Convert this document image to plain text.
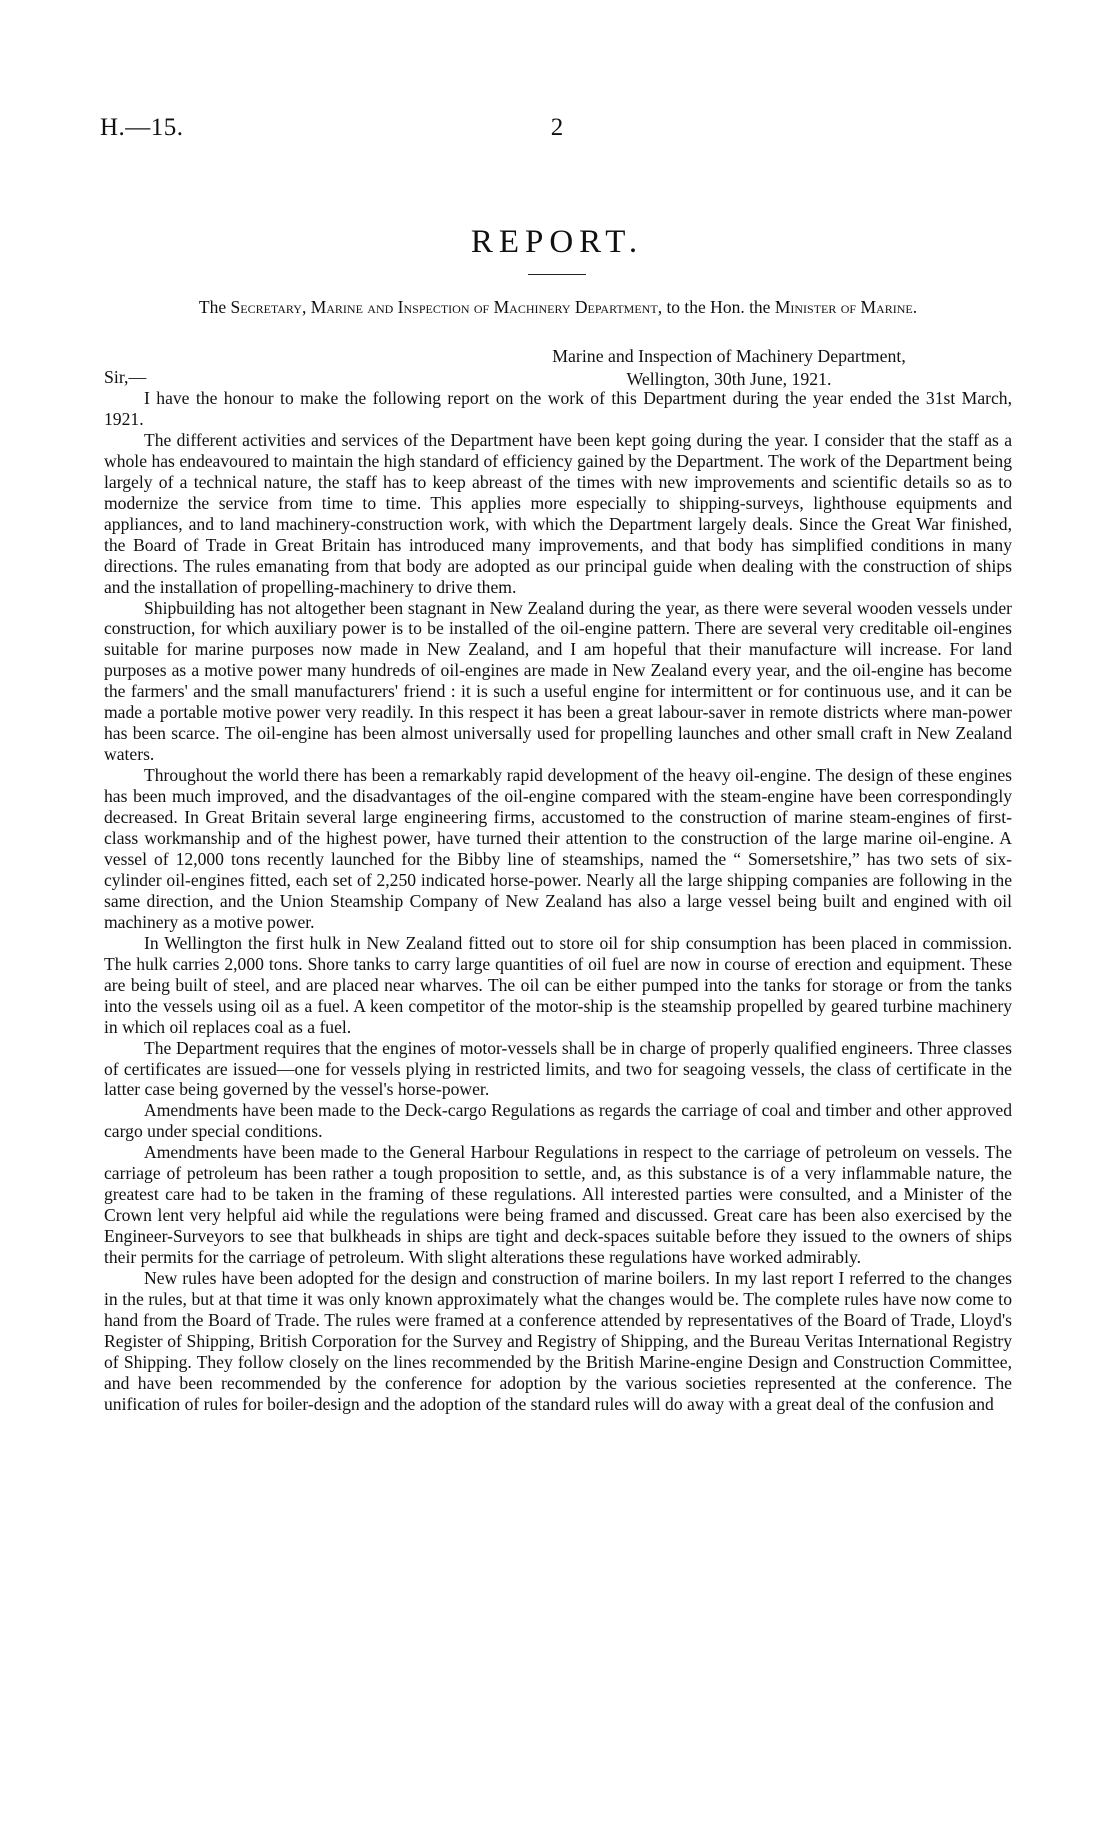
H.—15.	2
REPORT.
The Secretary, Marine and Inspection of Machinery Department, to the Hon. the Minister of Marine.
Marine and Inspection of Machinery Department,
Wellington, 30th June, 1921.
Sir,—

I have the honour to make the following report on the work of this Department during the year ended the 31st March, 1921.

The different activities and services of the Department have been kept going during the year. I consider that the staff as a whole has endeavoured to maintain the high standard of efficiency gained by the Department. The work of the Department being largely of a technical nature, the staff has to keep abreast of the times with new improvements and scientific details so as to modernize the service from time to time. This applies more especially to shipping-surveys, lighthouse equipments and appliances, and to land machinery-construction work, with which the Department largely deals. Since the Great War finished, the Board of Trade in Great Britain has introduced many improvements, and that body has simplified conditions in many directions. The rules emanating from that body are adopted as our principal guide when dealing with the construction of ships and the installation of propelling-machinery to drive them.

Shipbuilding has not altogether been stagnant in New Zealand during the year, as there were several wooden vessels under construction, for which auxiliary power is to be installed of the oil-engine pattern. There are several very creditable oil-engines suitable for marine purposes now made in New Zealand, and I am hopeful that their manufacture will increase. For land purposes as a motive power many hundreds of oil-engines are made in New Zealand every year, and the oil-engine has become the farmers' and the small manufacturers' friend : it is such a useful engine for intermittent or for continuous use, and it can be made a portable motive power very readily. In this respect it has been a great labour-saver in remote districts where man-power has been scarce. The oil-engine has been almost universally used for propelling launches and other small craft in New Zealand waters.

Throughout the world there has been a remarkably rapid development of the heavy oil-engine. The design of these engines has been much improved, and the disadvantages of the oil-engine compared with the steam-engine have been correspondingly decreased. In Great Britain several large engineering firms, accustomed to the construction of marine steam-engines of first-class workmanship and of the highest power, have turned their attention to the construction of the large marine oil-engine. A vessel of 12,000 tons recently launched for the Bibby line of steamships, named the “ Somersetshire,” has two sets of six-cylinder oil-engines fitted, each set of 2,250 indicated horse-power. Nearly all the large shipping companies are following in the same direction, and the Union Steamship Company of New Zealand has also a large vessel being built and engined with oil machinery as a motive power.

In Wellington the first hulk in New Zealand fitted out to store oil for ship consumption has been placed in commission. The hulk carries 2,000 tons. Shore tanks to carry large quantities of oil fuel are now in course of erection and equipment. These are being built of steel, and are placed near wharves. The oil can be either pumped into the tanks for storage or from the tanks into the vessels using oil as a fuel. A keen competitor of the motor-ship is the steamship propelled by geared turbine machinery in which oil replaces coal as a fuel.

The Department requires that the engines of motor-vessels shall be in charge of properly qualified engineers. Three classes of certificates are issued—one for vessels plying in restricted limits, and two for seagoing vessels, the class of certificate in the latter case being governed by the vessel's horse-power.

Amendments have been made to the Deck-cargo Regulations as regards the carriage of coal and timber and other approved cargo under special conditions.

Amendments have been made to the General Harbour Regulations in respect to the carriage of petroleum on vessels. The carriage of petroleum has been rather a tough proposition to settle, and, as this substance is of a very inflammable nature, the greatest care had to be taken in the framing of these regulations. All interested parties were consulted, and a Minister of the Crown lent very helpful aid while the regulations were being framed and discussed. Great care has been also exercised by the Engineer-Surveyors to see that bulkheads in ships are tight and deck-spaces suitable before they issued to the owners of ships their permits for the carriage of petroleum. With slight alterations these regulations have worked admirably.

New rules have been adopted for the design and construction of marine boilers. In my last report I referred to the changes in the rules, but at that time it was only known approximately what the changes would be. The complete rules have now come to hand from the Board of Trade. The rules were framed at a conference attended by representatives of the Board of Trade, Lloyd's Register of Shipping, British Corporation for the Survey and Registry of Shipping, and the Bureau Veritas International Registry of Shipping. They follow closely on the lines recommended by the British Marine-engine Design and Construction Committee, and have been recommended by the conference for adoption by the various societies represented at the conference. The unification of rules for boiler-design and the adoption of the standard rules will do away with a great deal of the confusion and
